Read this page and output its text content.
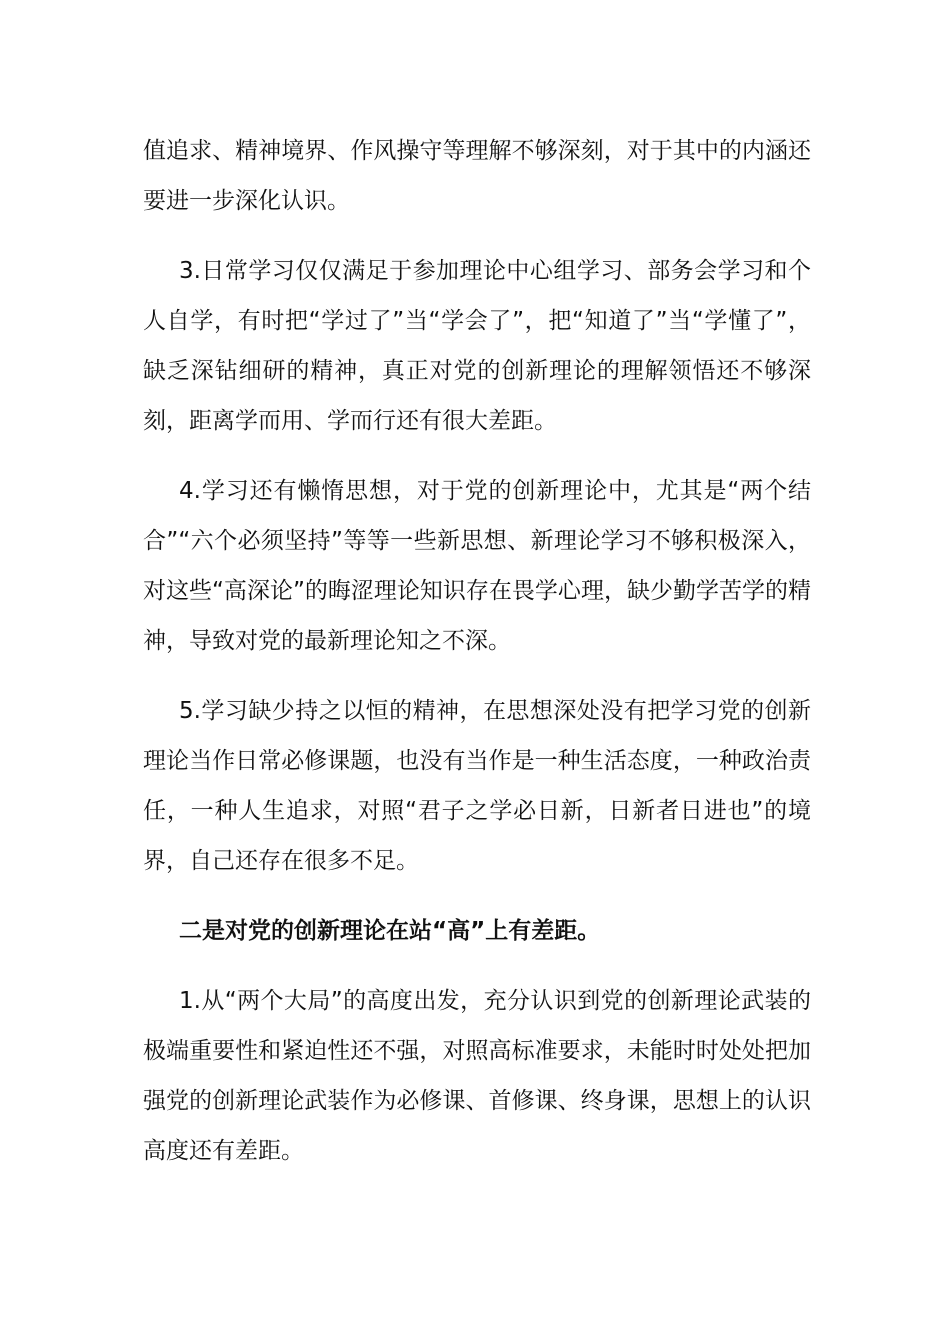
值追求、精神境界、作风操守等理解不够深刻，对于其中的内涵还要进一步深化认识。

3.日常学习仅仅满足于参加理论中心组学习、部务会学习和个人自学，有时把“学过了”当“学会了”，把“知道了”当“学懂了”，缺乏深钻细研的精神，真正对党的创新理论的理解领悟还不够深刻，距离学而用、学而行还有很大差距。

4.学习还有懒惰思想，对于党的创新理论中，尤其是“两个结合”“六个必须坚持”等等一些新思想、新理论学习不够积极深入，对这些“高深论”的晦涩理论知识存在畏学心理，缺少勤学苦学的精神，导致对党的最新理论知之不深。

5.学习缺少持之以恒的精神，在思想深处没有把学习党的创新理论当作日常必修课题，也没有当作是一种生活态度，一种政治责任，一种人生追求，对照“君子之学必日新，日新者日进也”的境界，自己还存在很多不足。

二是对党的创新理论在站“高”上有差距。

1.从“两个大局”的高度出发，充分认识到党的创新理论武装的极端重要性和紧迫性还不强，对照高标准要求，未能时时处处把加强党的创新理论武装作为必修课、首修课、终身课，思想上的认识高度还有差距。
